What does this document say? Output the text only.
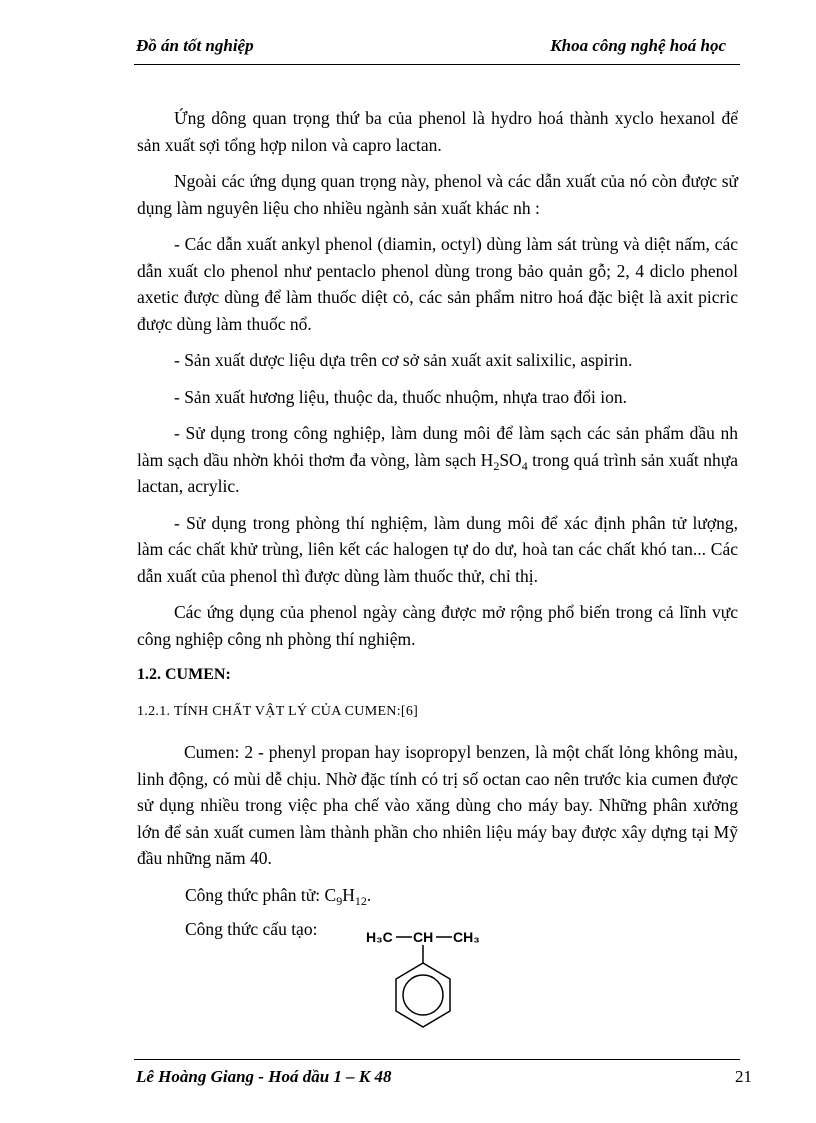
Đồ án tốt nghiệp	Khoa công nghệ hoá học

Ứng dông quan trọng thứ ba của phenol là hydro hoá thành xyclo hexanol để sản xuất sợi tổng hợp nilon và capro lactan.

Ngoài các ứng dụng quan trọng này, phenol và các dẫn xuất của nó còn được sử dụng làm nguyên liệu cho nhiều ngành sản xuất khác nh :

- Các dẫn xuất ankyl phenol (diamin, octyl) dùng làm sát trùng và diệt nấm, các dẫn xuất clo phenol như pentaclo phenol dùng trong bảo quản gỗ; 2, 4 diclo phenol axetic được dùng để làm thuốc diệt cỏ, các sản phẩm nitro hoá đặc biệt là axit picric được dùng làm thuốc nổ.

- Sản xuất dược liệu dựa trên cơ sở sản xuất axit salixilic, aspirin.

- Sản xuất hương liệu, thuộc da, thuốc nhuộm, nhựa trao đổi ion.

- Sử dụng trong công nghiệp, làm dung môi để làm sạch các sản phẩm dầu nh làm sạch dầu nhờn khỏi thơm đa vòng, làm sạch $H_2SO_4$ trong quá trình sản xuất nhựa lactan, acrylic.

- Sử dụng trong phòng thí nghiệm, làm dung môi để xác định phân tử lượng, làm các chất khử trùng, liên kết các halogen tự do dư, hoà tan các chất khó tan... Các dẫn xuất của phenol thì được dùng làm thuốc thử, chỉ thị.

Các ứng dụng của phenol ngày càng được mở rộng phổ biến trong cả lĩnh vực công nghiệp công nh phòng thí nghiệm.

1.2. CUMEN:

1.2.1. TÍNH CHẤT VẬT LÝ CỦA CUMEN:[6]

Cumen: 2 - phenyl propan hay isopropyl benzen, là một chất lỏng không màu, linh động, có mùi dễ chịu. Nhờ đặc tính có trị số octan cao nên trước kia cumen được sử dụng nhiều trong việc pha chế vào xăng dùng cho máy bay. Những phân xưởng lớn để sản xuất cumen làm thành phần cho nhiên liệu máy bay được xây dựng tại Mỹ đầu những năm 40.

Công thức phân tử: $C_9H_{12}$.

Công thức cấu tạo:	H₃C CH CH₃
Lê Hoàng Giang - Hoá dầu 1 – K 48	21
